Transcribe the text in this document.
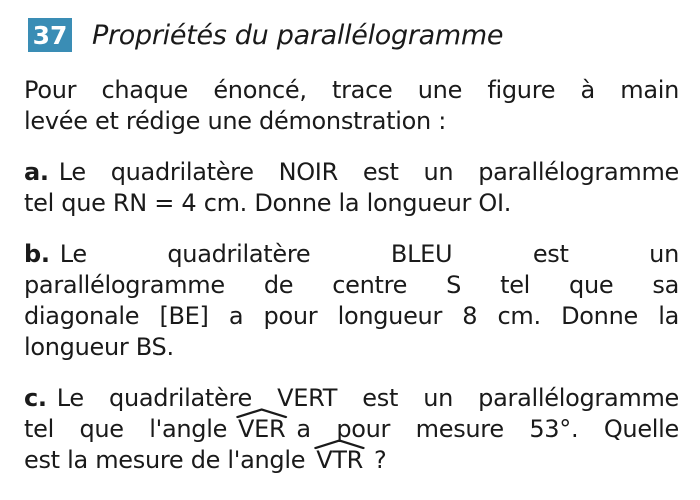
37 Propriétés du parallélogramme
Pour chaque énoncé, trace une figure à main
levée et rédige une démonstration :
a. Le quadrilatère NOIR est un parallélogramme
tel que RN = 4 cm. Donne la longueur OI.
b. Le quadrilatère BLEU est un
parallélogramme de centre S tel que sa
diagonale [BE] a pour longueur 8 cm. Donne la
longueur BS.
c. Le quadrilatère VERT est un parallélogramme
tel que l'angle VER a pour mesure 53°. Quelle
est la mesure de l'angle VTR ?
